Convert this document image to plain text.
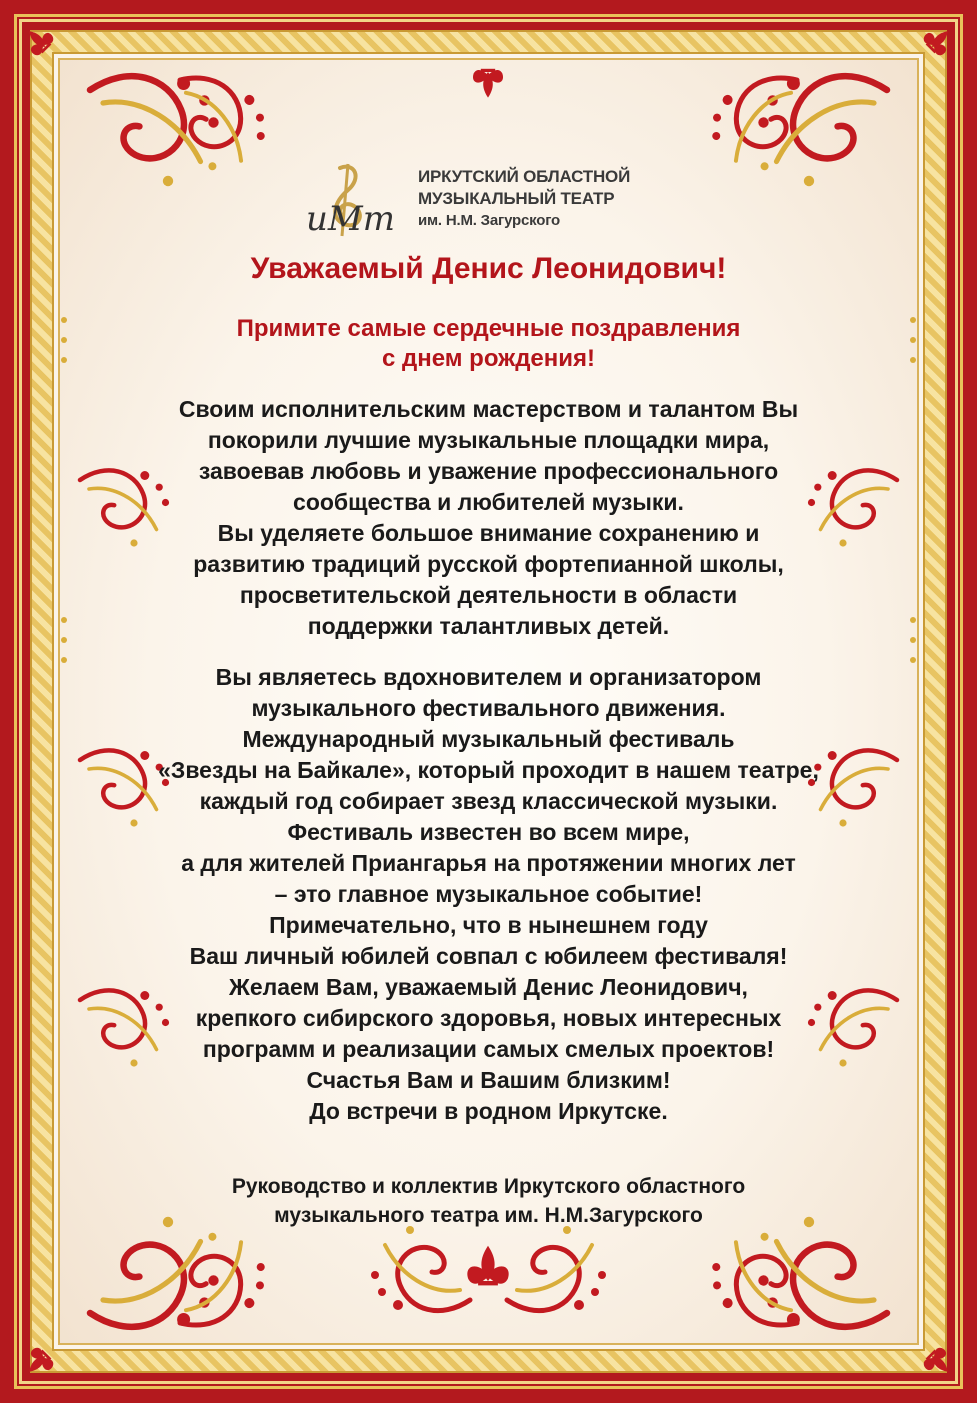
иМт
ИРКУТСКИЙ ОБЛАСТНОЙ
МУЗЫКАЛЬНЫЙ ТЕАТР
им. Н.М. Загурского
Уважаемый Денис Леонидович!
Примите самые сердечные поздравления
с днем рождения!
Своим исполнительским мастерством и талантом Вы
покорили лучшие музыкальные площадки мира,
завоевав любовь и уважение профессионального
сообщества и любителей музыки.
Вы уделяете большое внимание сохранению и
развитию традиций русской фортепианной школы,
просветительской деятельности в области
поддержки талантливых детей.
Вы являетесь вдохновителем и организатором
музыкального фестивального движения.
Международный музыкальный фестиваль
«Звезды на Байкале», который проходит в нашем театре,
каждый год собирает звезд классической музыки.
Фестиваль известен во всем мире,
а для жителей Приангарья на протяжении многих лет
– это главное музыкальное событие!
Примечательно, что в нынешнем году
Ваш личный юбилей совпал с юбилеем фестиваля!
Желаем Вам, уважаемый Денис Леонидович,
крепкого сибирского здоровья, новых интересных
программ и реализации самых смелых проектов!
Счастья Вам и Вашим близким!
До встречи в родном Иркутске.
Руководство и коллектив Иркутского областного
музыкального театра им. Н.М.Загурского
